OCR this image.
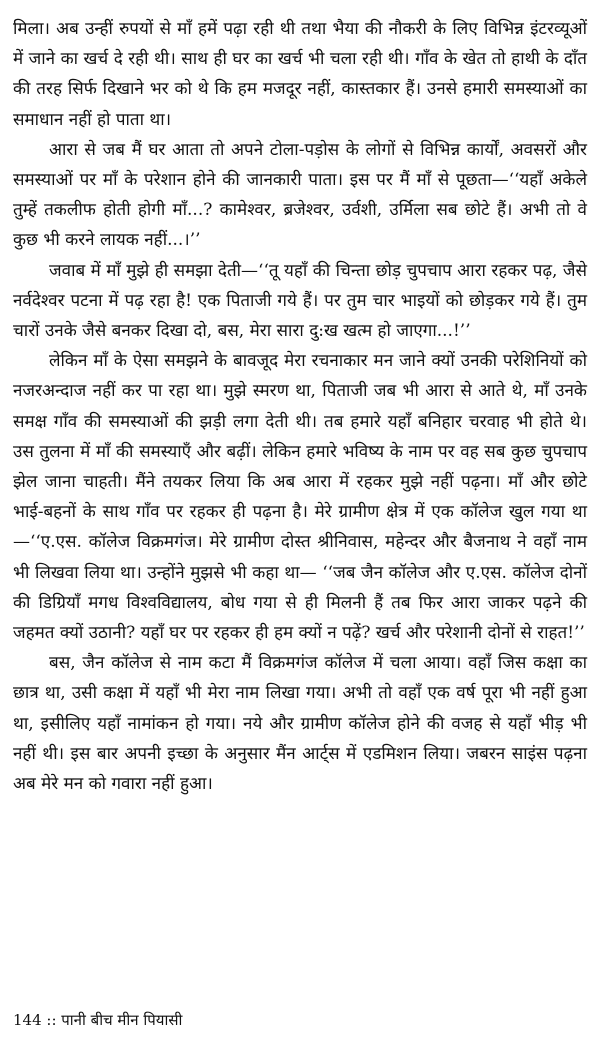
मिला। अब उन्हीं रुपयों से माँ हमें पढ़ा रही थी तथा भैया की नौकरी के लिए विभिन्न इंटरव्यूओं में जाने का खर्च दे रही थी। साथ ही घर का खर्च भी चला रही थी। गाँव के खेत तो हाथी के दाँत की तरह सिर्फ दिखाने भर को थे कि हम मजदूर नहीं, कास्तकार हैं। उनसे हमारी समस्याओं का समाधान नहीं हो पाता था।

आरा से जब मैं घर आता तो अपने टोला-पड़ोस के लोगों से विभिन्न कार्यों, अवसरों और समस्याओं पर माँ के परेशान होने की जानकारी पाता। इस पर मैं माँ से पूछता—‘‘यहाँ अकेले तुम्हें तकलीफ होती होगी माँ...? कामेश्वर, ब्रजेश्वर, उर्वशी, उर्मिला सब छोटे हैं। अभी तो वे कुछ भी करने लायक नहीं...।’’

जवाब में माँ मुझे ही समझा देती—‘‘तू यहाँ की चिन्ता छोड़ चुपचाप आरा रहकर पढ़, जैसे नर्वदेश्वर पटना में पढ़ रहा है! एक पिताजी गये हैं। पर तुम चार भाइयों को छोड़कर गये हैं। तुम चारों उनके जैसे बनकर दिखा दो, बस, मेरा सारा दु:ख खत्म हो जाएगा...!’’

लेकिन माँ के ऐसा समझने के बावजूद मेरा रचनाकार मन जाने क्यों उनकी परेशिनियों को नजरअन्दाज नहीं कर पा रहा था। मुझे स्मरण था, पिताजी जब भी आरा से आते थे, माँ उनके समक्ष गाँव की समस्याओं की झड़ी लगा देती थी। तब हमारे यहाँ बनिहार चरवाह भी होते थे। उस तुलना में माँ की समस्याएँ और बढ़ीं। लेकिन हमारे भविष्य के नाम पर वह सब कुछ चुपचाप झेल जाना चाहती। मैंने तयकर लिया कि अब आरा में रहकर मुझे नहीं पढ़ना। माँ और छोटे भाई-बहनों के साथ गाँव पर रहकर ही पढ़ना है। मेरे ग्रामीण क्षेत्र में एक कॉलेज खुल गया था—‘‘ए.एस. कॉलेज विक्रमगंज। मेरे ग्रामीण दोस्त श्रीनिवास, महेन्दर और बैजनाथ ने वहाँ नाम भी लिखवा लिया था। उन्होंने मुझसे भी कहा था— ‘‘जब जैन कॉलेज और ए.एस. कॉलेज दोनों की डिग्रियाँ मगध विश्वविद्यालय, बोध गया से ही मिलनी हैं तब फिर आरा जाकर पढ़ने की जहमत क्यों उठानी? यहाँ घर पर रहकर ही हम क्यों न पढ़ें? खर्च और परेशानी दोनों से राहत!’’

बस, जैन कॉलेज से नाम कटा मैं विक्रमगंज कॉलेज में चला आया। वहाँ जिस कक्षा का छात्र था, उसी कक्षा में यहाँ भी मेरा नाम लिखा गया। अभी तो वहाँ एक वर्ष पूरा भी नहीं हुआ था, इसीलिए यहाँ नामांकन हो गया। नये और ग्रामीण कॉलेज होने की वजह से यहाँ भीड़ भी नहीं थी। इस बार अपनी इच्छा के अनुसार मैंन आर्ट्स में एडमिशन लिया। जबरन साइंस पढ़ना अब मेरे मन को गवारा नहीं हुआ।

144 :: पानी बीच मीन पियासी
